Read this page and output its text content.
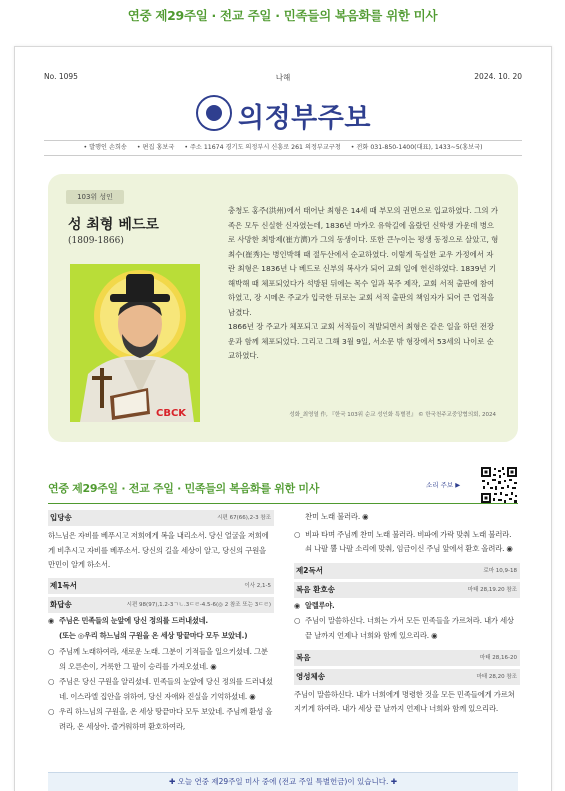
연중 제29주일 · 전교 주일 · 민족들의 복음화를 위한 미사
No. 1095	나해	2024. 10. 20
의정부주보
• 발행인 손희송 • 편집 홍보국 • 주소 11674 경기도 의정부시 신흥로 261 의정부교구청 • 전화 031-850-1400(대표), 1433~5(홍보국)
103위 성인
성 최형 베드로
(1809-1866)
CBCK

충청도 홍주(洪州)에서 태어난 최형은 14세 때 부모의 권면으로 입교하였다. 그의 가족은 모두 신실한 신자였는데, 1836년 마카오 유학길에 올랐던 신학생 가운데 병으로 사망한 최방제(崔方濟)가 그의 동생이다. 또한 큰누이는 평생 동정으로 살았고, 형 최수(崔秀)는 병인박해 때 절두산에서 순교하였다. 이렇게 독실한 교우 가정에서 자란 최형은 1836년 나 베드로 신부의 복사가 되어 교회 일에 헌신하였다. 1839년 기해박해 때 체포되었다가 석방된 뒤에는 목수 일과 묵주 제작, 교회 서적 출판에 참여하였고, 장 시메온 주교가 입국한 뒤로는 교회 서적 출판의 책임자가 되어 큰 업적을 남겼다.

1866년 장 주교가 체포되고 교회 서적들이 적발되면서 최형은 같은 일을 하던 전장운과 함께 체포되었다. 그리고 그해 3월 9일, 서소문 밖 형장에서 53세의 나이로 순교하였다.

성화_최영열 作, 『한국 103위 순교 성인화 특별전』 © 한국천주교중앙협의회, 2024
연중 제29주일 · 전교 주일 · 민족들의 복음화를 위한 미사	소리 주보 ▶
입당송	시편 67(66),2-3 참조
하느님은 자비를 베푸시고 저희에게 복을 내리소서. 당신 얼굴을 저희에게 비추시고 자비를 베푸소서. 당신의 길을 세상이 알고, 당신의 구원을 만민이 알게 하소서.
제1독서	이사 2,1-5
화답송	시편 98(97),1.2-3ㄱㄴ.3ㄷㄹ-4.5-6(◎ 2 참조 또는 3ㄷㄹ)
◉ 주님은 민족들의 눈앞에 당신 정의를 드러내셨네.
(또는 ◎우리 하느님의 구원을 온 세상 땅끝마다 모두 보았네.)
○ 주님께 노래하여라, 새로운 노래. 그분이 기적들을 일으키셨네. 그분의 오른손이, 거룩한 그 팔이 승리를 가져오셨네. ◉
○ 주님은 당신 구원을 알리셨네. 민족들의 눈앞에 당신 정의를 드러내셨네. 이스라엘 집안을 위하여, 당신 자애와 진실을 기억하셨네. ◉
○ 우리 하느님의 구원을, 온 세상 땅끝마다 모두 보았네. 주님께 환성 올려라, 온 세상아. 즐거워하며 환호하여라,
찬미 노래 불러라. ◉
○ 비파 타며 주님께 찬미 노래 불러라. 비파에 가락 맞춰 노래 불러라. 쇠 나팔 뿔 나팔 소리에 맞춰, 임금이신 주님 앞에서 환호 올려라. ◉
제2독서	로마 10,9-18
복음 환호송	마태 28,19.20 참조
◉ 알렐루야.
○ 주님이 말씀하신다. 너희는 가서 모든 민족들을 가르쳐라. 내가 세상 끝 날까지 언제나 너희와 함께 있으리라. ◉
복음	마태 28,16-20
영성체송	마태 28,20 참조
주님이 말씀하신다. 내가 너희에게 명령한 것을 모든 민족들에게 가르쳐 지키게 하여라. 내가 세상 끝 날까지 언제나 너희와 함께 있으리라.
✚ 오늘 연중 제29주일 미사 중에 (전교 주일 특별헌금)이 있습니다. ✚
